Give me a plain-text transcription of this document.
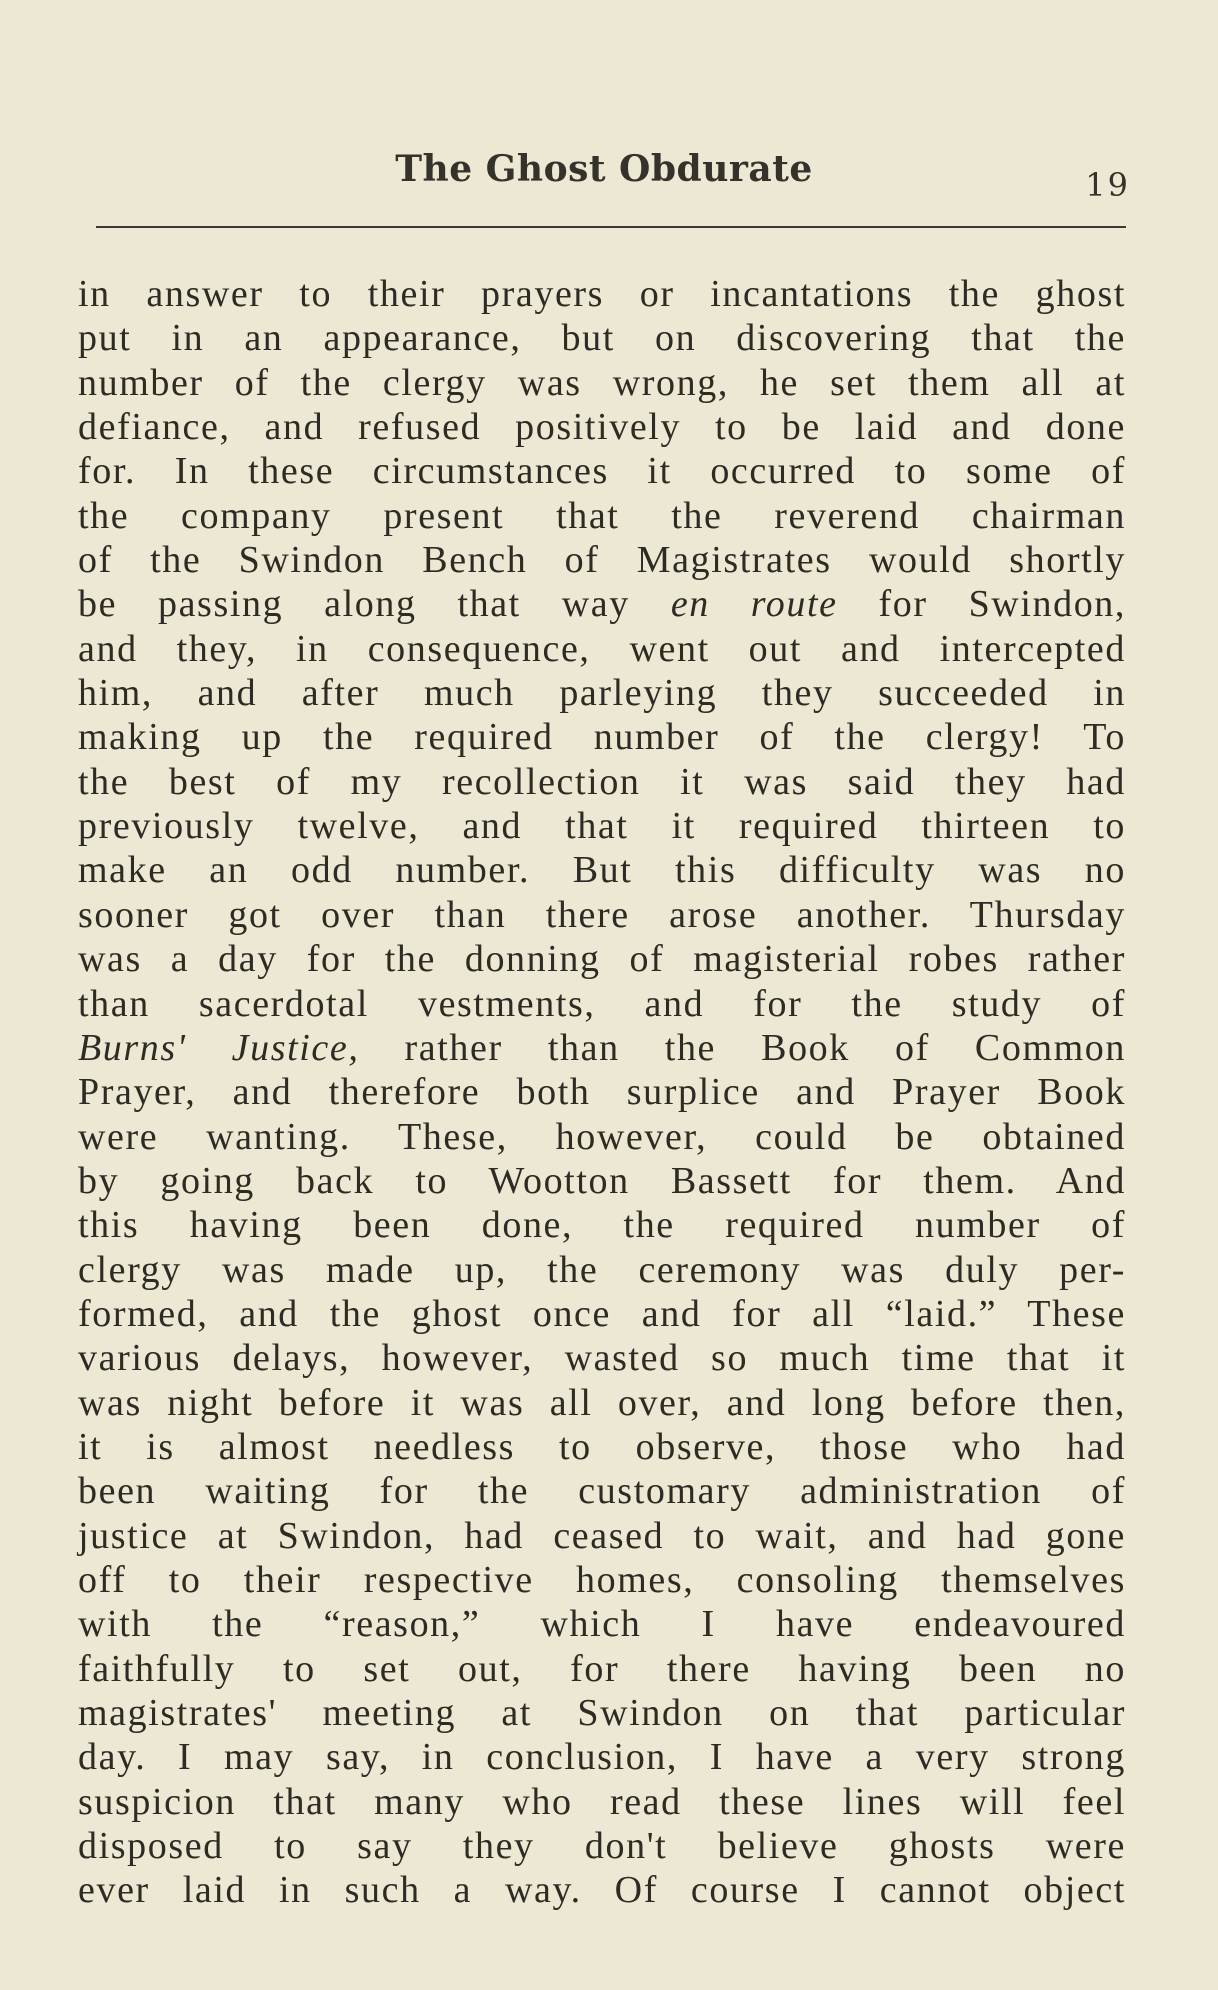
The Ghost Obdurate	19
in answer to their prayers or incantations the ghost
put in an appearance, but on discovering that the
number of the clergy was wrong, he set them all at
defiance, and refused positively to be laid and done
for. In these circumstances it occurred to some of
the company present that the reverend chairman
of the Swindon Bench of Magistrates would shortly
be passing along that way en route for Swindon,
and they, in consequence, went out and intercepted
him, and after much parleying they succeeded in
making up the required number of the clergy! To
the best of my recollection it was said they had
previously twelve, and that it required thirteen to
make an odd number. But this difficulty was no
sooner got over than there arose another. Thursday
was a day for the donning of magisterial robes rather
than sacerdotal vestments, and for the study of
Burns' Justice, rather than the Book of Common
Prayer, and therefore both surplice and Prayer Book
were wanting. These, however, could be obtained
by going back to Wootton Bassett for them. And
this having been done, the required number of
clergy was made up, the ceremony was duly per-
formed, and the ghost once and for all “laid.” These
various delays, however, wasted so much time that it
was night before it was all over, and long before then,
it is almost needless to observe, those who had
been waiting for the customary administration of
justice at Swindon, had ceased to wait, and had gone
off to their respective homes, consoling themselves
with the “reason,” which I have endeavoured
faithfully to set out, for there having been no
magistrates' meeting at Swindon on that particular
day. I may say, in conclusion, I have a very strong
suspicion that many who read these lines will feel
disposed to say they don't believe ghosts were
ever laid in such a way. Of course I cannot object
